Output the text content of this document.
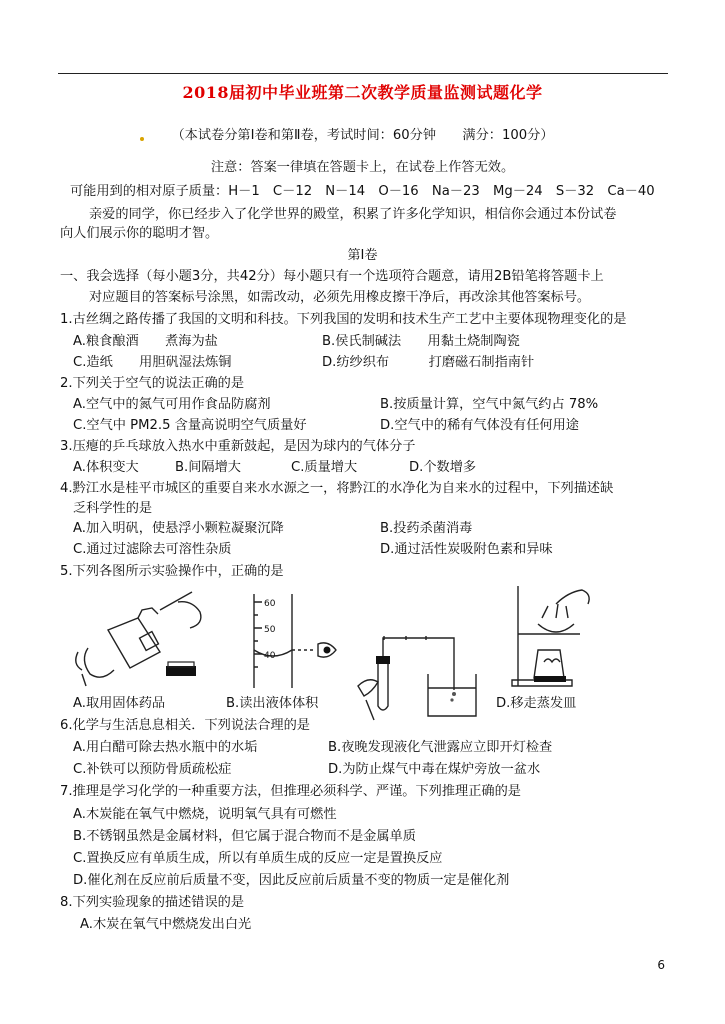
2018届初中毕业班第二次教学质量监测试题化学
（本试卷分第Ⅰ卷和第Ⅱ卷，考试时间：60分钟　　满分：100分）
注意：答案一律填在答题卡上，在试卷上作答无效。
可能用到的相对原子质量：H－1　C－12　N－14　O－16　Na－23　Mg－24　S－32　Ca－40
亲爱的同学，你已经步入了化学世界的殿堂，积累了许多化学知识，相信你会通过本份试卷
向人们展示你的聪明才智。
第Ⅰ卷
一、我会选择（每小题3分，共42分）每小题只有一个选项符合题意，请用2B铅笔将答题卡上
对应题目的答案标号涂黑，如需改动，必须先用橡皮擦干净后，再改涂其他答案标号。
1.古丝绸之路传播了我国的文明和科技。下列我国的发明和技术生产工艺中主要体现物理变化的是
A.粮食酿酒　　煮海为盐	B.侯氏制碱法　　用黏土烧制陶瓷
C.造纸　　用胆矾湿法炼铜	D.纺纱织布　　　打磨磁石制指南针
2.下列关于空气的说法正确的是
A.空气中的氮气可用作食品防腐剂	B.按质量计算，空气中氮气约占 78%
C.空气中 PM2.5 含量高说明空气质量好	D.空气中的稀有气体没有任何用途
3.压瘪的乒乓球放入热水中重新鼓起，是因为球内的气体分子
A.体积变大	B.间隔增大	C.质量增大	D.个数增多
4.黔江水是桂平市城区的重要自来水水源之一，将黔江的水净化为自来水的过程中，下列描述缺
乏科学性的是
A.加入明矾，使悬浮小颗粒凝聚沉降	B.投药杀菌消毒
C.通过过滤除去可溶性杂质	D.通过活性炭吸附色素和异味
5.下列各图所示实验操作中，正确的是
60
50
40
A.取用固体药品	B.读出液体体积	D.移走蒸发皿
6.化学与生活息息相关．下列说法合理的是
A.用白醋可除去热水瓶中的水垢	B.夜晚发现液化气泄露应立即开灯检查
C.补铁可以预防骨质疏松症	D.为防止煤气中毒在煤炉旁放一盆水
7.推理是学习化学的一种重要方法，但推理必须科学、严谨。下列推理正确的是
A.木炭能在氧气中燃烧，说明氧气具有可燃性
B.不锈钢虽然是金属材料，但它属于混合物而不是金属单质
C.置换反应有单质生成，所以有单质生成的反应一定是置换反应
D.催化剂在反应前后质量不变，因此反应前后质量不变的物质一定是催化剂
8.下列实验现象的描述错误的是
A.木炭在氧气中燃烧发出白光
6
